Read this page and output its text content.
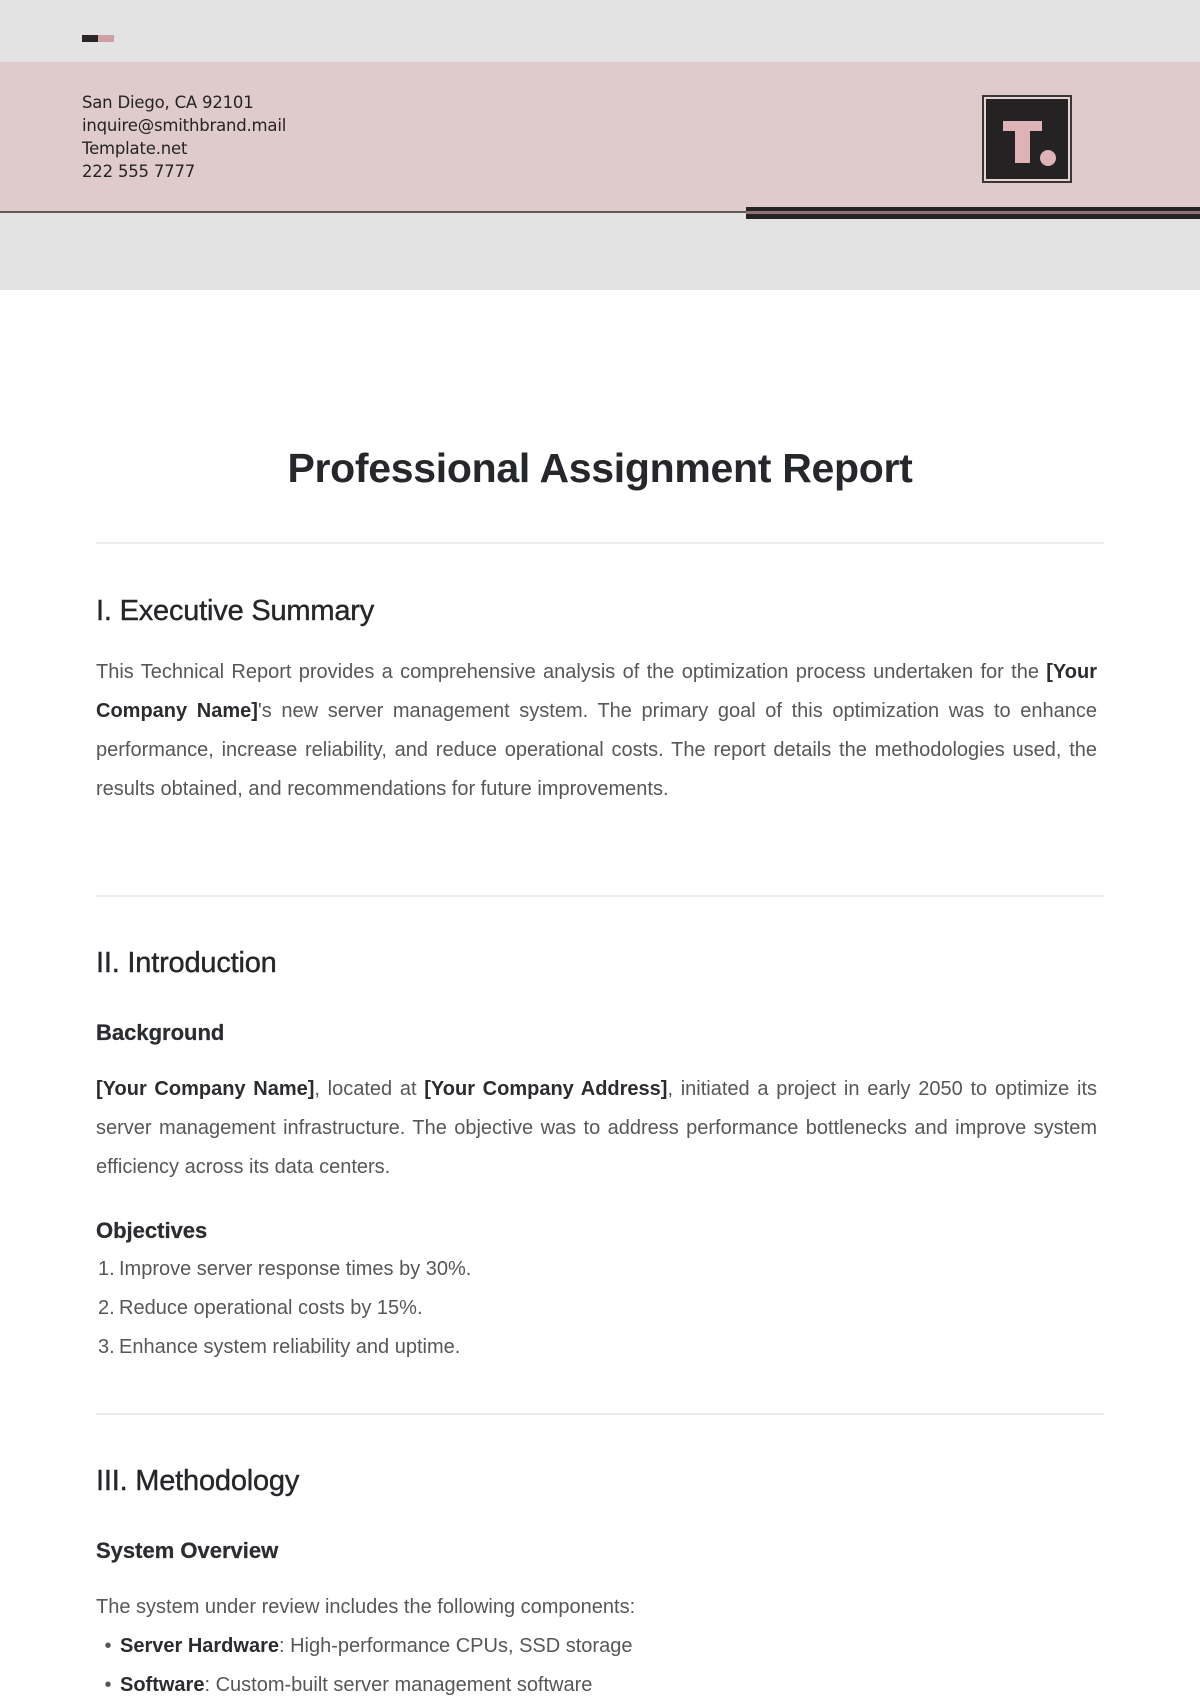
San Diego, CA 92101
inquire@smithbrand.mail
Template.net
222 555 7777
Professional Assignment Report
I. Executive Summary

This Technical Report provides a comprehensive analysis of the optimization process undertaken for the [Your Company Name]'s new server management system. The primary goal of this optimization was to enhance performance, increase reliability, and reduce operational costs. The report details the methodologies used, the results obtained, and recommendations for future improvements.

II. Introduction
Background

[Your Company Name], located at [Your Company Address], initiated a project in early 2050 to optimize its server management infrastructure. The objective was to address performance bottlenecks and improve system efficiency across its data centers.

Objectives
1. Improve server response times by 30%.
2. Reduce operational costs by 15%.
3. Enhance system reliability and uptime.
III. Methodology
System Overview

The system under review includes the following components:

• Server Hardware: High-performance CPUs, SSD storage
• Software: Custom-built server management software
